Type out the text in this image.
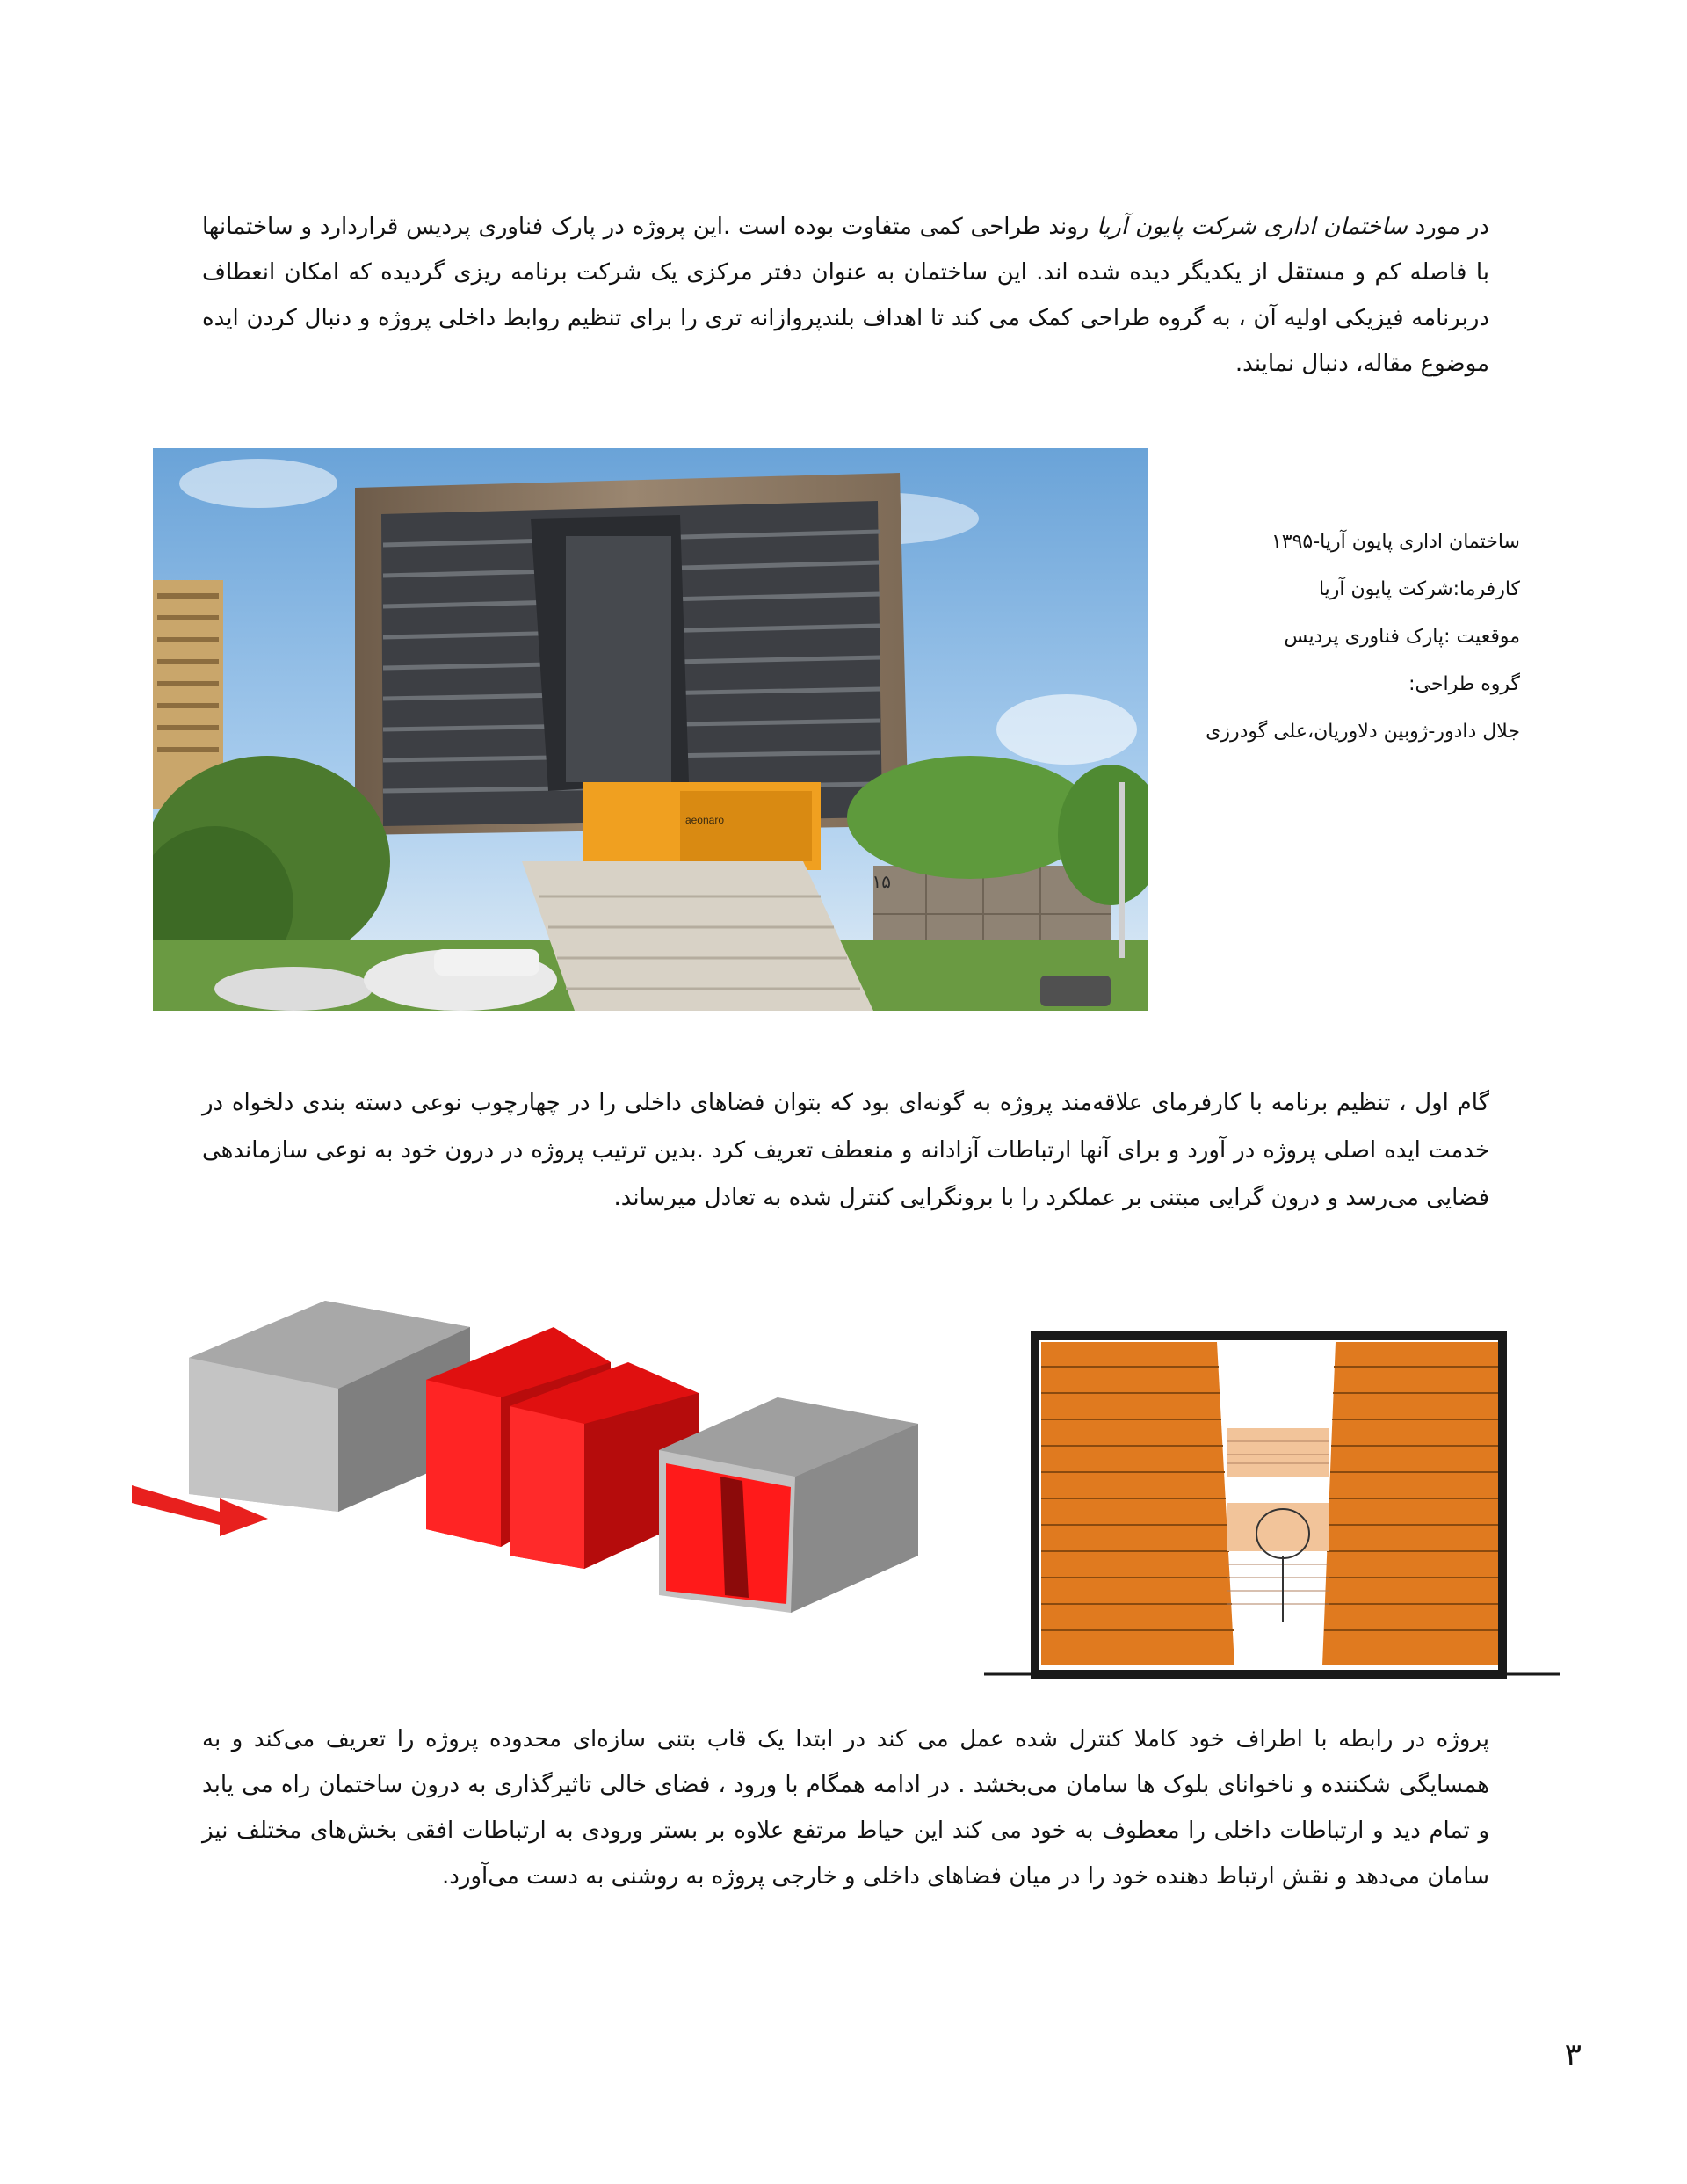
در مورد ساختمان اداری شرکت پایون آریا روند طراحی کمی متفاوت بوده است .این پروژه در پارک فناوری پردیس قراردارد و ساختمانها با فاصله کم و مستقل از یکدیگر دیده شده اند. این ساختمان به عنوان دفتر مرکزی یک شرکت برنامه ریزی گردیده که امکان انعطاف دربرنامه فیزیکی اولیه آن ، به گروه طراحی کمک می کند تا اهداف بلندپروازانه تری را برای تنظیم روابط داخلی پروژه و دنبال کردن ایده موضوع مقاله، دنبال نمایند.

aeonaro
۱۵
ساختمان اداری پایون آریا-۱۳۹۵
کارفرما:شرکت پایون آریا
موقعیت :پارک فناوری پردیس
گروه طراحی:
جلال دادور-ژوبین دلاوریان،علی گودرزی

گام اول ، تنظیم برنامه با کارفرمای علاقه‌مند پروژه به گونه‌ای بود که بتوان فضاهای داخلی را در چهارچوب نوعی دسته بندی دلخواه در خدمت ایده اصلی پروژه در آورد و برای آنها ارتباطات آزادانه و منعطف تعریف کرد .بدین ترتیب پروژه در درون خود به نوعی سازماندهی فضایی می‌رسد و درون گرایی مبتنی بر عملکرد را با برونگرایی کنترل شده به تعادل میرساند.

پروژه در رابطه با اطراف خود کاملا کنترل شده عمل می کند در ابتدا یک قاب بتنی سازه‌ای محدوده پروژه را تعریف می‌کند و به همسایگی شکننده و ناخوانای بلوک ها سامان می‌بخشد . در ادامه همگام با ورود ، فضای خالی تاثیرگذاری به درون ساختمان راه می یابد و تمام دید و ارتباطات داخلی را معطوف به خود می کند این حیاط مرتفع علاوه بر بستر ورودی به ارتباطات افقی بخش‌های مختلف نیز سامان می‌دهد و نقش ارتباط دهنده خود را در میان فضاهای داخلی و خارجی پروژه به روشنی به دست می‌آورد.

۳
